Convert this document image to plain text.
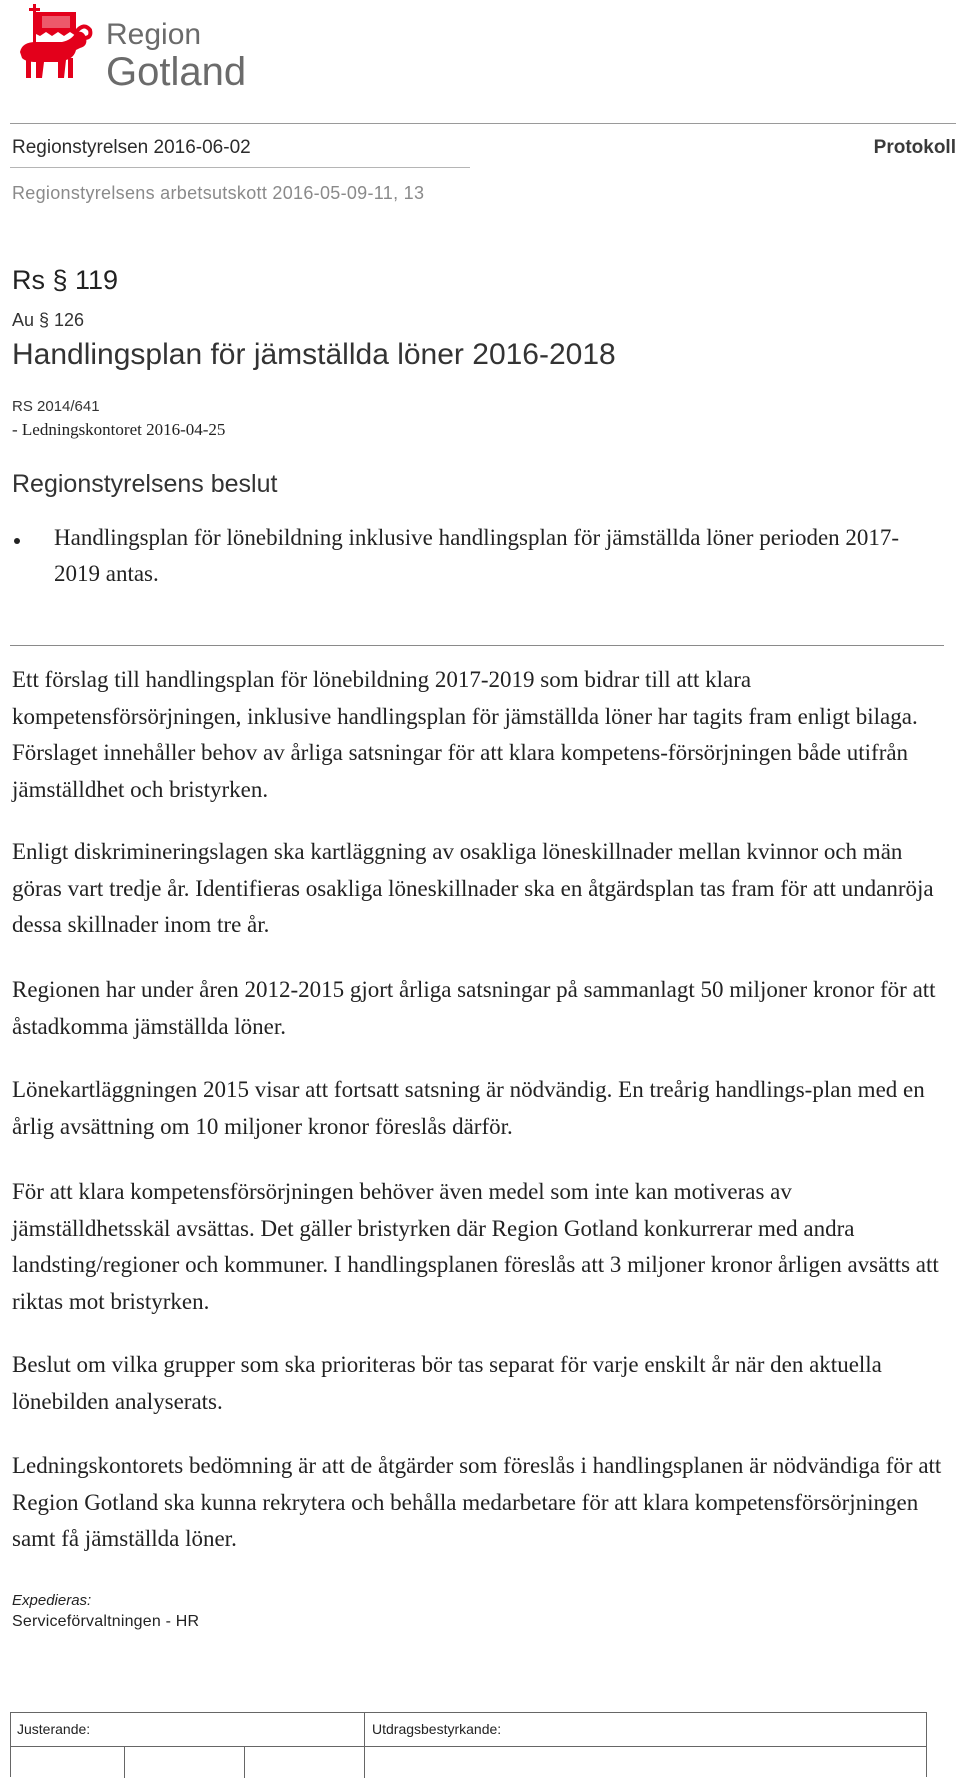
Region
Gotland
Regionstyrelsen 2016-06-02	Protokoll
Regionstyrelsens arbetsutskott 2016-05-09-11, 13
Rs § 119
Au § 126
Handlingsplan för jämställda löner 2016-2018
RS 2014/641
- Ledningskontoret 2016-04-25
Regionstyrelsens beslut
Handlingsplan för lönebildning inklusive handlingsplan för jämställda löner perioden 2017-2019 antas.
Ett förslag till handlingsplan för lönebildning 2017-2019 som bidrar till att klara kompetensförsörjningen, inklusive handlingsplan för jämställda löner har tagits fram enligt bilaga. Förslaget innehåller behov av årliga satsningar för att klara kompetens-försörjningen både utifrån jämställdhet och bristyrken.
Enligt diskrimineringslagen ska kartläggning av osakliga löneskillnader mellan kvinnor och män göras vart tredje år. Identifieras osakliga löneskillnader ska en åtgärdsplan tas fram för att undanröja dessa skillnader inom tre år.
Regionen har under åren 2012-2015 gjort årliga satsningar på sammanlagt 50 miljoner kronor för att åstadkomma jämställda löner.
Lönekartläggningen 2015 visar att fortsatt satsning är nödvändig. En treårig handlings-plan med en årlig avsättning om 10 miljoner kronor föreslås därför.
För att klara kompetensförsörjningen behöver även medel som inte kan motiveras av jämställdhetsskäl avsättas. Det gäller bristyrken där Region Gotland konkurrerar med andra landsting/regioner och kommuner. I handlingsplanen föreslås att 3 miljoner kronor årligen avsätts att riktas mot bristyrken.
Beslut om vilka grupper som ska prioriteras bör tas separat för varje enskilt år när den aktuella lönebilden analyserats.
Ledningskontorets bedömning är att de åtgärder som föreslås i handlingsplanen är nödvändiga för att Region Gotland ska kunna rekrytera och behålla medarbetare för att klara kompetensförsörjningen samt få jämställda löner.
Expedieras:
Serviceförvaltningen - HR
Justerande:	Utdragsbestyrkande:
